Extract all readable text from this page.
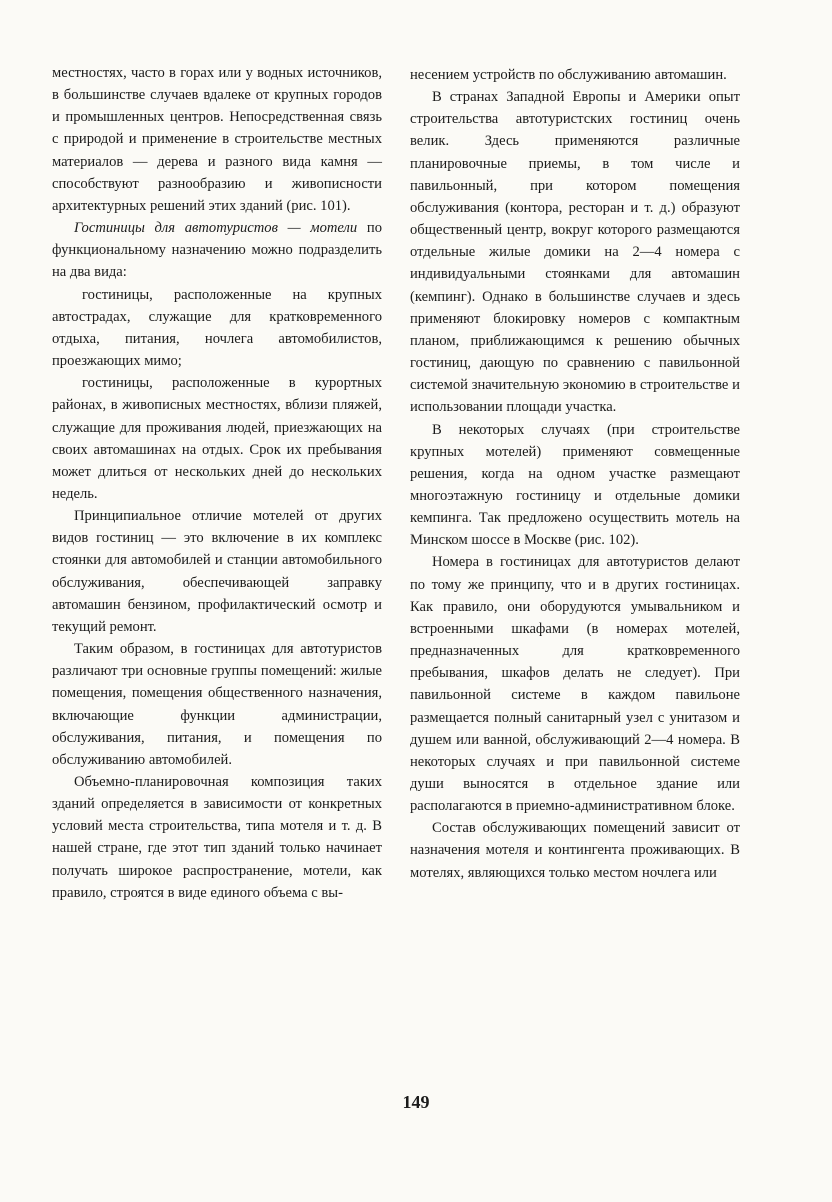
местностях, часто в горах или у водных источников, в большинстве случаев вдалеке от крупных городов и промышленных центров. Непосредственная связь с природой и применение в строительстве местных материалов — дерева и разного вида камня — способствуют разнообразию и живописности архитектурных решений этих зданий (рис. 101).

Гостиницы для автотуристов — мотели по функциональному назначению можно подразделить на два вида:

гостиницы, расположенные на крупных автострадах, служащие для кратковременного отдыха, питания, ночлега автомобилистов, проезжающих мимо;

гостиницы, расположенные в курортных районах, в живописных местностях, вблизи пляжей, служащие для проживания людей, приезжающих на своих автомашинах на отдых. Срок их пребывания может длиться от нескольких дней до нескольких недель.

Принципиальное отличие мотелей от других видов гостиниц — это включение в их комплекс стоянки для автомобилей и станции автомобильного обслуживания, обеспечивающей заправку автомашин бензином, профилактический осмотр и текущий ремонт.

Таким образом, в гостиницах для автотуристов различают три основные группы помещений: жилые помещения, помещения общественного назначения, включающие функции администрации, обслуживания, питания, и помещения по обслуживанию автомобилей.

Объемно-планировочная композиция таких зданий определяется в зависимости от конкретных условий места строительства, типа мотеля и т. д. В нашей стране, где этот тип зданий только начинает получать широкое распространение, мотели, как правило, строятся в виде единого объема с вы-

несением устройств по обслуживанию автомашин.

В странах Западной Европы и Америки опыт строительства автотуристских гостиниц очень велик. Здесь применяются различные планировочные приемы, в том числе и павильонный, при котором помещения обслуживания (контора, ресторан и т. д.) образуют общественный центр, вокруг которого размещаются отдельные жилые домики на 2—4 номера с индивидуальными стоянками для автомашин (кемпинг). Однако в большинстве случаев и здесь применяют блокировку номеров с компактным планом, приближающимся к решению обычных гостиниц, дающую по сравнению с павильонной системой значительную экономию в строительстве и использовании площади участка.

В некоторых случаях (при строительстве крупных мотелей) применяют совмещенные решения, когда на одном участке размещают многоэтажную гостиницу и отдельные домики кемпинга. Так предложено осуществить мотель на Минском шоссе в Москве (рис. 102).

Номера в гостиницах для автотуристов делают по тому же принципу, что и в других гостиницах. Как правило, они оборудуются умывальником и встроенными шкафами (в номерах мотелей, предназначенных для кратковременного пребывания, шкафов делать не следует). При павильонной системе в каждом павильоне размещается полный санитарный узел с унитазом и душем или ванной, обслуживающий 2—4 номера. В некоторых случаях и при павильонной системе души выносятся в отдельное здание или располагаются в приемно-административном блоке.

Состав обслуживающих помещений зависит от назначения мотеля и контингента проживающих. В мотелях, являющихся только местом ночлега или

149
